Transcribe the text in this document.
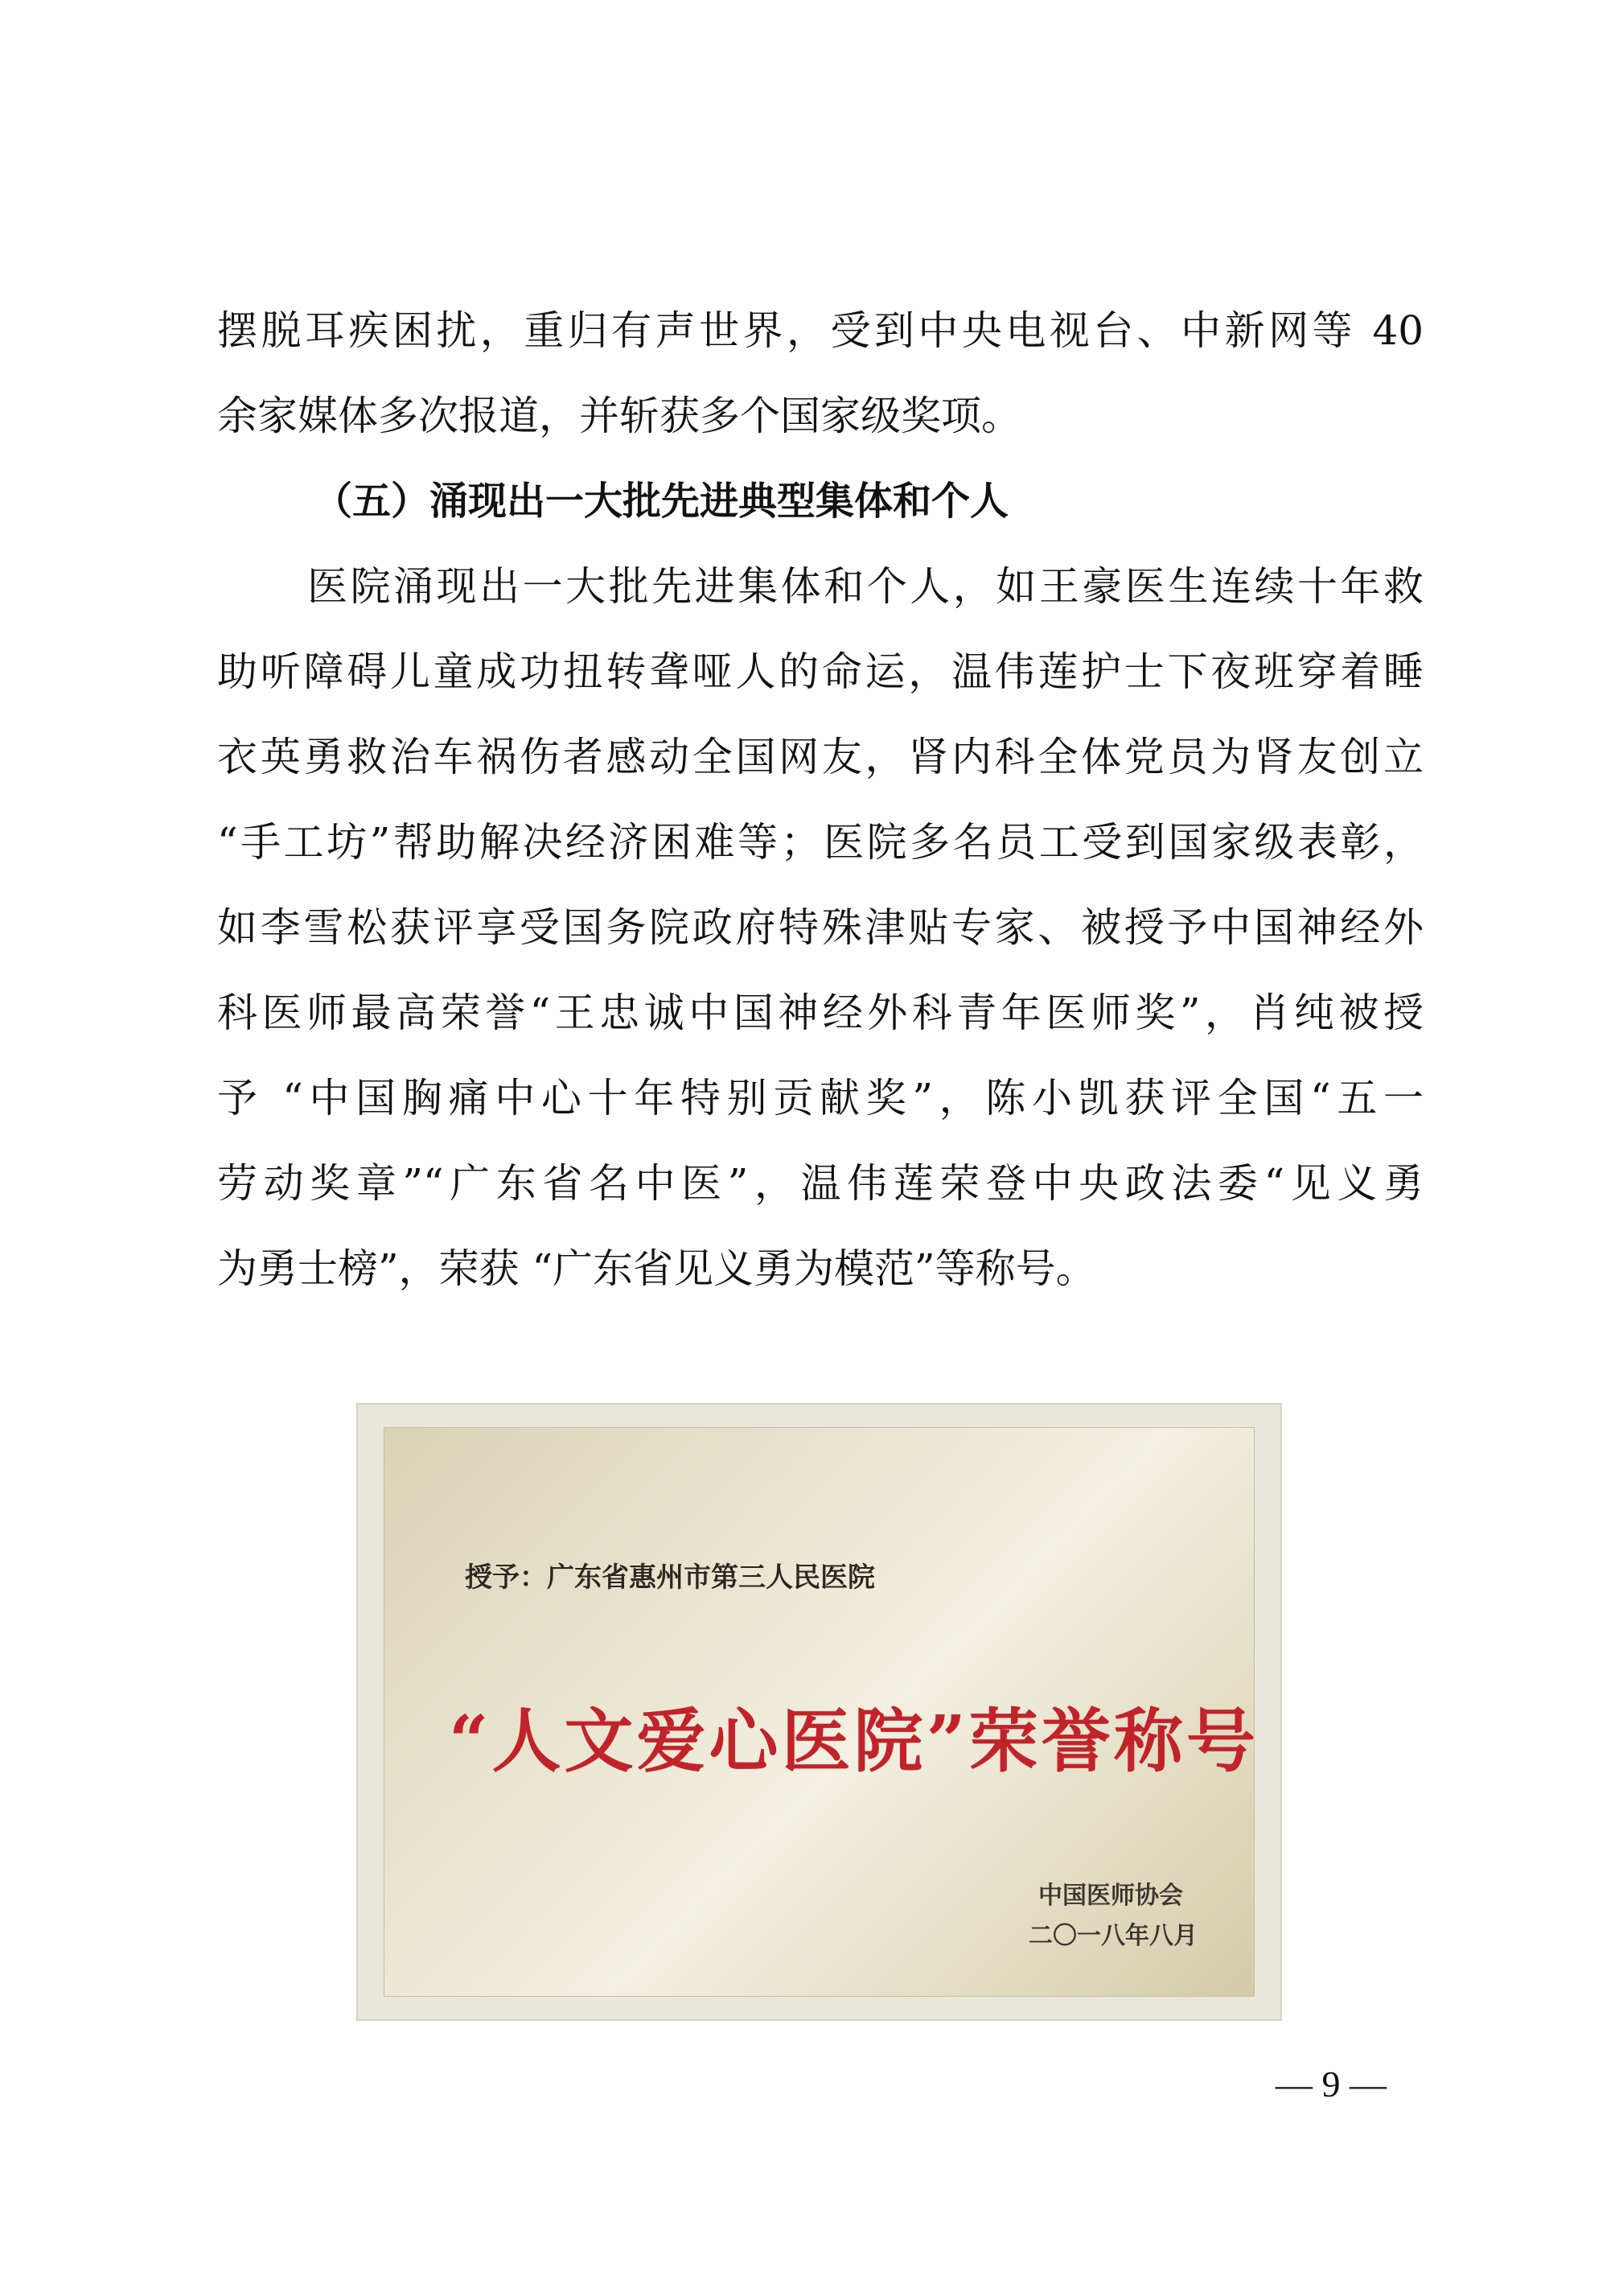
摆脱耳疾困扰，重归有声世界，受到中央电视台、中新网等 40
余家媒体多次报道，并斩获多个国家级奖项。
（五）涌现出一大批先进典型集体和个人
医院涌现出一大批先进集体和个人，如王豪医生连续十年救
助听障碍儿童成功扭转聋哑人的命运，温伟莲护士下夜班穿着睡
衣英勇救治车祸伤者感动全国网友，肾内科全体党员为肾友创立
“手工坊”帮助解决经济困难等；医院多名员工受到国家级表彰，
如李雪松获评享受国务院政府特殊津贴专家、被授予中国神经外
科医师最高荣誉“王忠诚中国神经外科青年医师奖”，肖纯被授
予 “中国胸痛中心十年特别贡献奖”，陈小凯获评全国“五一
劳动奖章”“广东省名中医”，温伟莲荣登中央政法委“见义勇
为勇士榜”，荣获 “广东省见义勇为模范”等称号。
授予：广东省惠州市第三人民医院
“人文爱心医院”荣誉称号
中国医师协会
二〇一八年八月
— 9 —
